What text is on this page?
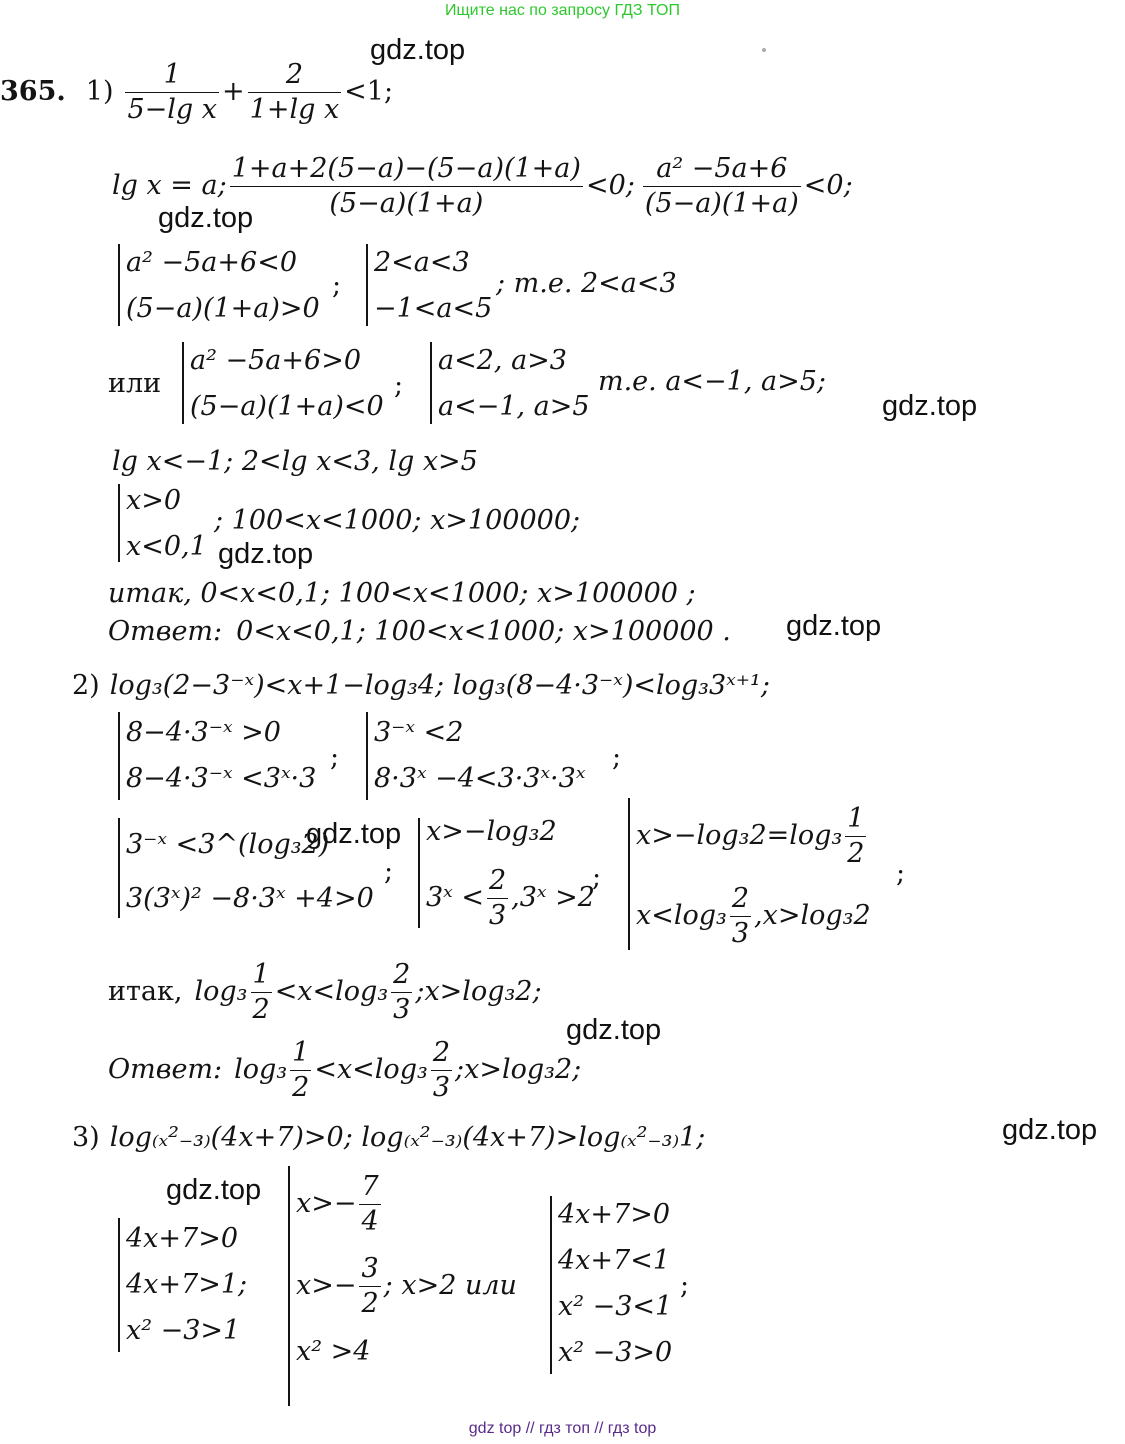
Ищите нас по запросу ГДЗ ТОП
gdz.top
gdz.top
gdz.top
gdz.top
gdz.top
gdz.top
gdz.top
gdz.top
gdz.top
365. $1) \frac{1}{\text{5−lg x}} + \frac{2}{\text{1+lg x}} <1$;
lg x = a; $\frac{1+a+2(5-a)-(5-a)(1+a)}{(5-a)(1+a)} <0$; $\frac{\text{a² −5a+6}}{(5-a)(1+a)} <0$;
a² −5a+6<0
(5−a)(1+a)>0
;
2<a<3
−1<a<5
; т.е. 2<a<3
или
a² −5a+6>0
(5−a)(1+a)<0
;
a<2, a>3
a<−1, a>5
т.е. a<−1, a>5;
lg x<−1; 2<lg x<3, lg x>5
x>0
x<0,1
; 100<x<1000; x>100000;
итак, 0<x<0,1; 100<x<1000; x>100000 ;
Ответ: 0<x<0,1; 100<x<1000; x>100000 .
2) log₃(2−3⁻ˣ)<x+1−log₃4; log₃(8−4·3⁻ˣ)<log₃3ˣ⁺¹;
8−4·3⁻ˣ >0
8−4·3⁻ˣ <3ˣ·3
;
3⁻ˣ <2
8·3ˣ −4<3·3ˣ·3ˣ
;
3⁻ˣ <3^(log₃2)
3(3ˣ)² −8·3ˣ +4>0
;
x>−log₃2
3ˣ < $\frac{2}{3}$ ,3ˣ >2
;
$x>-\log_32=\log_3 \frac{1}{2}$
$x<\log_3 \frac{2}{3} ,x>\log_32$
;
итак, $\log_3 \frac{1}{2} <x<\log_3 \frac{2}{3}$ ;x>log₃2;
Ответ: $\log_3 \frac{1}{2} <x<\log_3 \frac{2}{3}$ ;x>log₃2;
3) log₍ₓ²₋₃₎(4x+7)>0; log₍ₓ²₋₃₎(4x+7)>log₍ₓ²₋₃₎1;
4x+7>0
4x+7>1;
x² −3>1
$x>- \frac{7}{4}$
$x>- \frac{3}{2}$ ; x>2 или
x² >4
4x+7>0
4x+7<1
x² −3<1
x² −3>0
;
gdz top // гдз топ // гдз top
